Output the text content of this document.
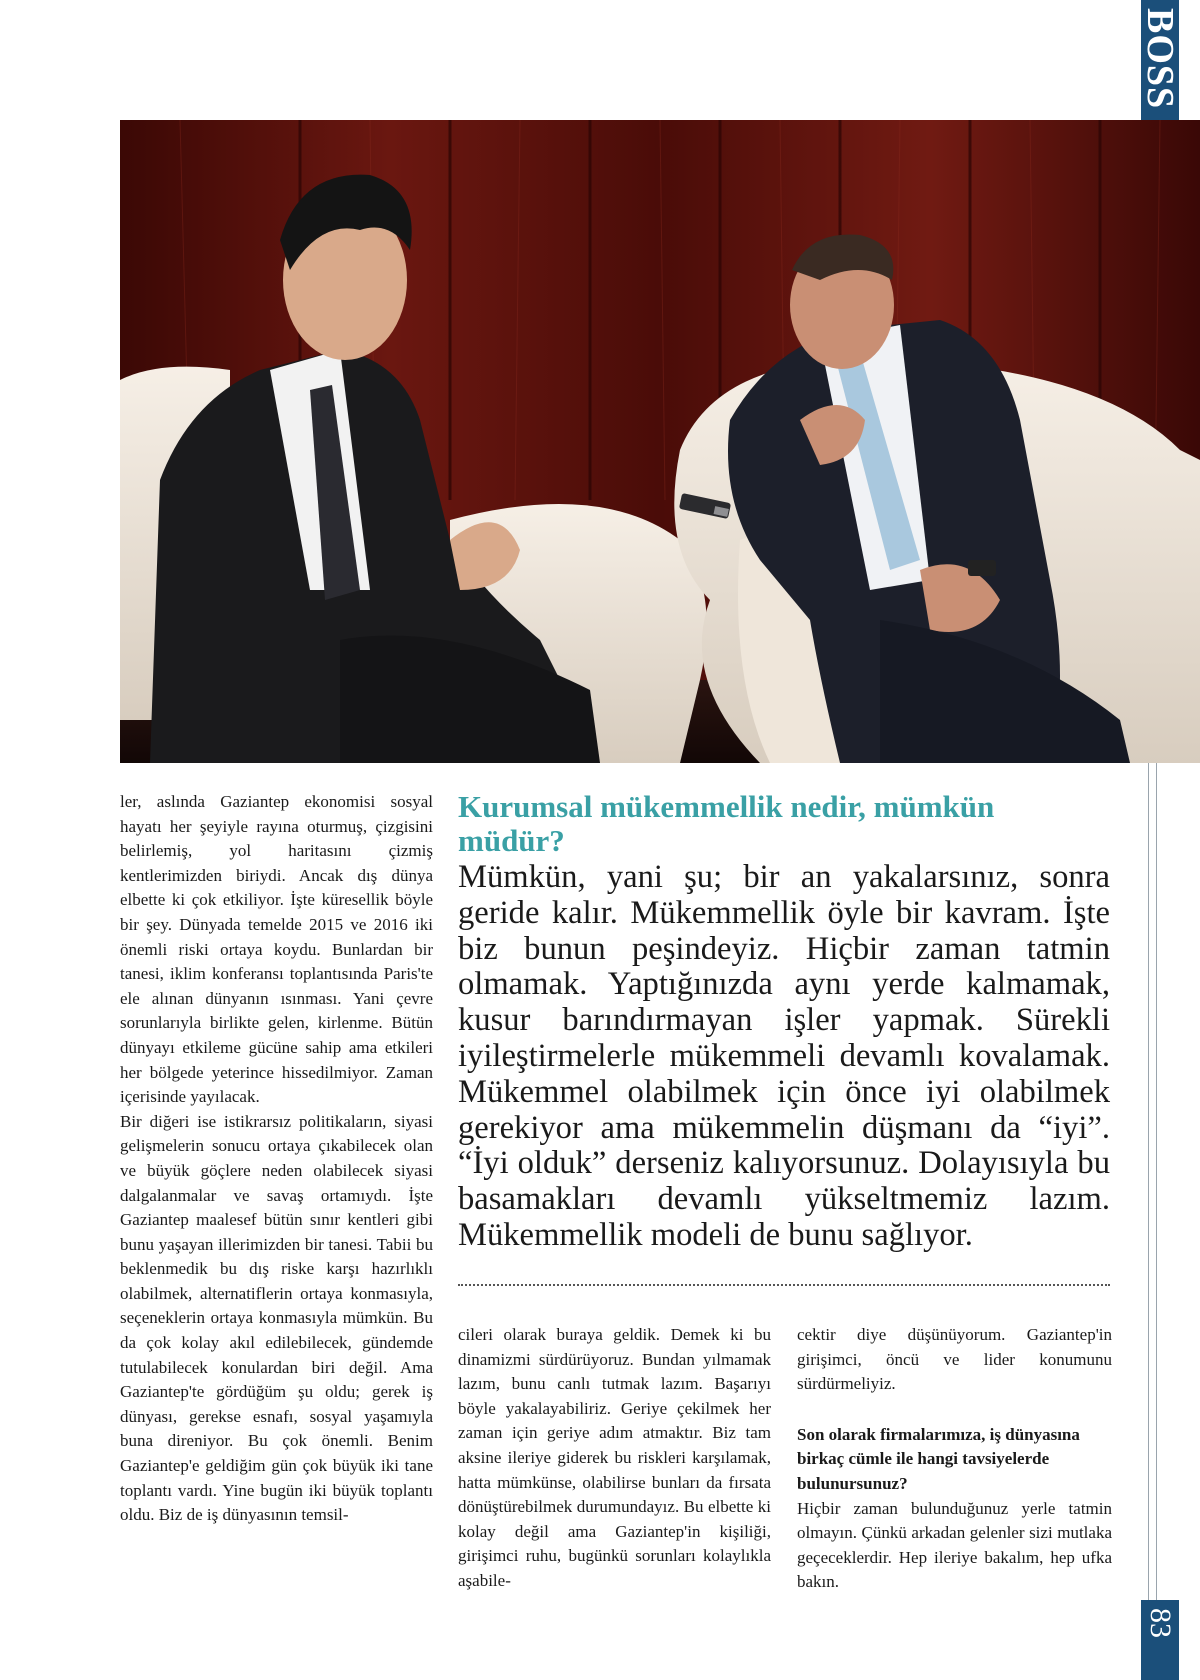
BOSS
83

ler, aslında Gaziantep ekonomisi sosyal hayatı her şeyiyle rayına oturmuş, çizgisini belirlemiş, yol haritasını çizmiş kentlerimizden biriydi. Ancak dış dünya elbette ki çok etkiliyor. İşte küresellik böyle bir şey. Dünyada temelde 2015 ve 2016 iki önemli riski ortaya koydu. Bunlardan bir tanesi, iklim konferansı toplantısında Paris'te ele alınan dünyanın ısınması. Yani çevre sorunlarıyla birlikte gelen, kirlenme. Bütün dünyayı etkileme gücüne sahip ama etkileri her bölgede yeterince hissedilmiyor. Zaman içerisinde yayılacak.

Bir diğeri ise istikrarsız politikaların, siyasi gelişmelerin sonucu ortaya çıkabilecek olan ve büyük göçlere neden olabilecek siyasi dalgalanmalar ve savaş ortamıydı. İşte Gaziantep maalesef bütün sınır kentleri gibi bunu yaşayan illerimizden bir tanesi. Tabii bu beklenmedik bu dış riske karşı hazırlıklı olabilmek, alternatiflerin ortaya konmasıyla, seçeneklerin ortaya konmasıyla mümkün. Bu da çok kolay akıl edilebilecek, gündemde tutulabilecek konulardan biri değil. Ama Gaziantep'te gördüğüm şu oldu; gerek iş dünyası, gerekse esnafı, sosyal yaşamıyla buna direniyor. Bu çok önemli. Benim Gaziantep'e geldiğim gün çok büyük iki tane toplantı vardı. Yine bugün iki büyük toplantı oldu. Biz de iş dünyasının temsil-

Kurumsal mükemmellik nedir, mümkün müdür?
Mümkün, yani şu; bir an yakalarsınız, sonra geride kalır. Mükemmellik öyle bir kavram. İşte biz bunun peşindeyiz. Hiçbir zaman tatmin olmamak. Yaptığınızda aynı yerde kalmamak, kusur barındırmayan işler yapmak. Sürekli iyileştirmelerle mükemmeli devamlı kovalamak. Mükemmel olabilmek için önce iyi olabilmek gerekiyor ama mükemmelin düşmanı da “iyi”. “İyi olduk” derseniz kalıyorsunuz. Dolayısıyla bu basamakları devamlı yükseltmemiz lazım. Mükemmellik modeli de bunu sağlıyor.

cileri olarak buraya geldik. Demek ki bu dinamizmi sürdürüyoruz. Bundan yılmamak lazım, bunu canlı tutmak lazım. Başarıyı böyle yakalayabiliriz. Geriye çekilmek her zaman için geriye adım atmaktır. Biz tam aksine ileriye giderek bu riskleri karşılamak, hatta mümkünse, olabilirse bunları da fırsata dönüştürebilmek durumundayız. Bu elbette ki kolay değil ama Gaziantep'in kişiliği, girişimci ruhu, bugünkü sorunları kolaylıkla aşabile-

cektir diye düşünüyorum. Gaziantep'in girişimci, öncü ve lider konumunu sürdürmeliyiz.

Son olarak firmalarımıza, iş dünyasına birkaç cümle ile hangi tavsiyelerde bulunursunuz?

Hiçbir zaman bulunduğunuz yerle tatmin olmayın. Çünkü arkadan gelenler sizi mutlaka geçeceklerdir. Hep ileriye bakalım, hep ufka bakın.
